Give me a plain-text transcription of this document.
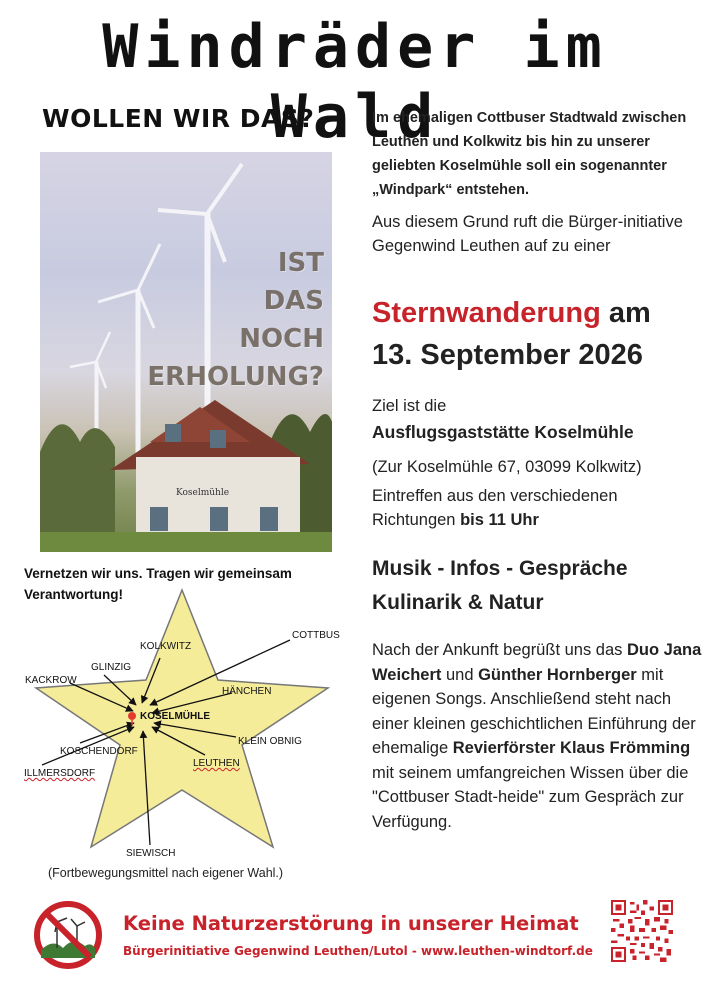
Windräder im Wald
WOLLEN WIR DAS?
IST
DAS
NOCH
ERHOLUNG?
Koselmühle
Im ehemaligen Cottbuser Stadtwald zwischen Leuthen und Kolkwitz bis hin zu unserer geliebten Koselmühle soll ein sogenannter „Windpark“ entstehen.
Aus diesem Grund ruft die Bürger-initiative Gegenwind Leuthen auf zu einer
Sternwanderung am
13. September 2026
Ziel ist die
Ausflugsgaststätte Koselmühle
(Zur Koselmühle 67, 03099 Kolkwitz)
Eintreffen aus den verschiedenen Richtungen bis 11 Uhr
Musik - Infos - Gespräche
Kulinarik & Natur
Nach der Ankunft begrüßt uns das Duo Jana Weichert und Günther Hornberger mit eigenen Songs. Anschließend steht nach einer kleinen geschichtlichen Einführung der ehemalige Revierförster Klaus Frömming mit seinem umfangreichen Wissen über die "Cottbuser Stadt-heide" zum Gespräch zur Verfügung.
Vernetzen wir uns. Tragen wir gemeinsam Verantwortung!
KOSELMÜHLE
COTTBUS
KOLKWITZ
GLINZIG
KACKROW
HÄNCHEN
KLEIN OBNIG
KOSCHENDORF
ILLMERSDORF
LEUTHEN
SIEWISCH
(Fortbewegungsmittel nach eigener Wahl.)
Keine Naturzerstörung in unserer Heimat
Bürgerinitiative Gegenwind Leuthen/Lutol - www.leuthen-windtorf.de
